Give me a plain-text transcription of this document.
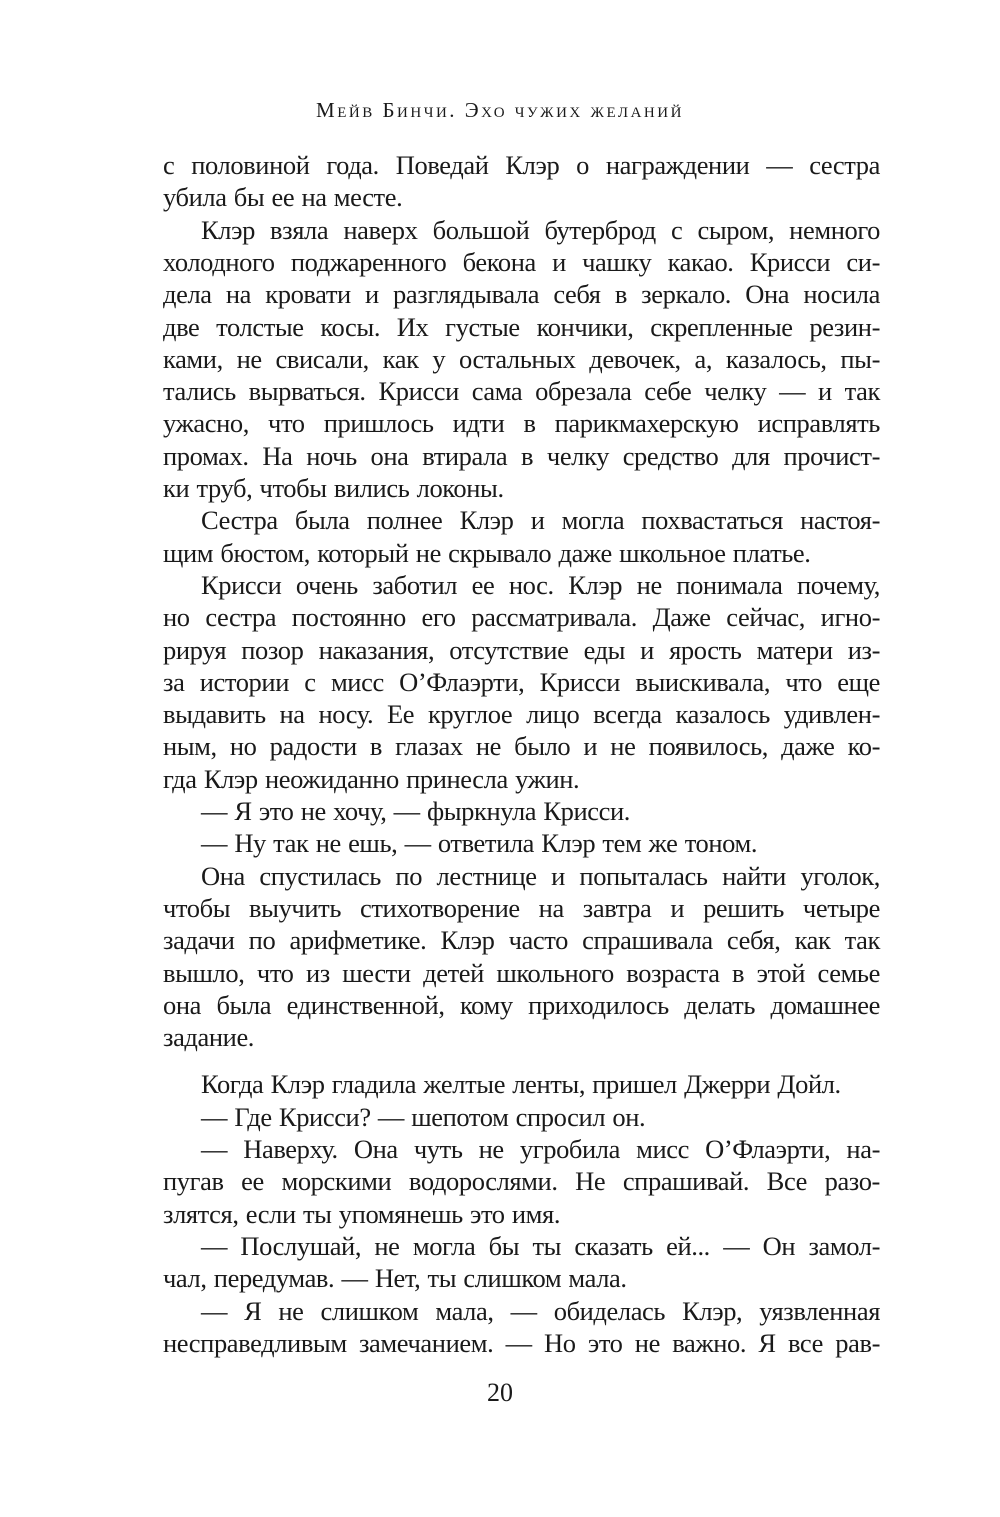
Мейв Бинчи. Эхо чужих желаний
с половиной года. Поведай Клэр о награждении — сестра
убила бы ее на месте.
Клэр взяла наверх большой бутерброд с сыром, немного
холодного поджаренного бекона и чашку какао. Крисси си-
дела на кровати и разглядывала себя в зеркало. Она носила
две толстые косы. Их густые кончики, скрепленные резин-
ками, не свисали, как у остальных девочек, а, казалось, пы-
тались вырваться. Крисси сама обрезала себе челку — и так
ужасно, что пришлось идти в парикмахерскую исправлять
промах. На ночь она втирала в челку средство для прочист-
ки труб, чтобы вились локоны.
Сестра была полнее Клэр и могла похвастаться настоя-
щим бюстом, который не скрывало даже школьное платье.
Крисси очень заботил ее нос. Клэр не понимала почему,
но сестра постоянно его рассматривала. Даже сейчас, игно-
рируя позор наказания, отсутствие еды и ярость матери из-
за истории с мисс О’Флаэрти, Крисси выискивала, что еще
выдавить на носу. Ее круглое лицо всегда казалось удивлен-
ным, но радости в глазах не было и не появилось, даже ко-
гда Клэр неожиданно принесла ужин.
— Я это не хочу, — фыркнула Крисси.
— Ну так не ешь, — ответила Клэр тем же тоном.
Она спустилась по лестнице и попыталась найти уголок,
чтобы выучить стихотворение на завтра и решить четыре
задачи по арифметике. Клэр часто спрашивала себя, как так
вышло, что из шести детей школьного возраста в этой семье
она была единственной, кому приходилось делать домашнее
задание.
Когда Клэр гладила желтые ленты, пришел Джерри Дойл.
— Где Крисси? — шепотом спросил он.
— Наверху. Она чуть не угробила мисс О’Флаэрти, на-
пугав ее морскими водорослями. Не спрашивай. Все разо-
злятся, если ты упомянешь это имя.
— Послушай, не могла бы ты сказать ей... — Он замол-
чал, передумав. — Нет, ты слишком мала.
— Я не слишком мала, — обиделась Клэр, уязвленная
несправедливым замечанием. — Но это не важно. Я все рав-
20
